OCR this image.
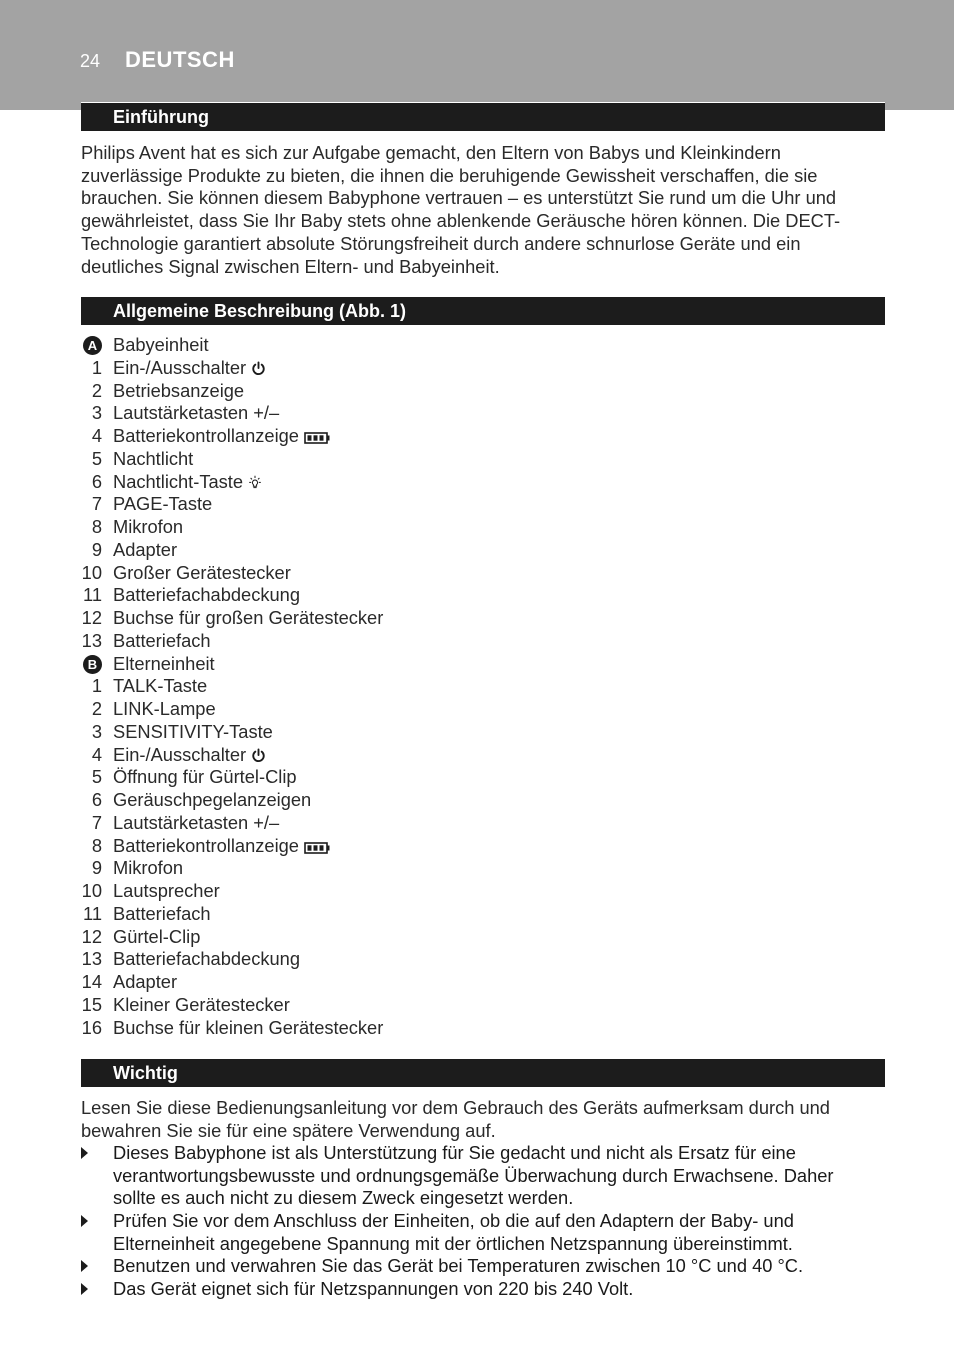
24 DEUTSCH
Einführung
Philips Avent hat es sich zur Aufgabe gemacht, den Eltern von Babys und Kleinkindern zuverlässige Produkte zu bieten, die ihnen die beruhigende Gewissheit verschaffen, die sie brauchen. Sie können diesem Babyphone vertrauen – es unterstützt Sie rund um die Uhr und gewährleistet, dass Sie Ihr Baby stets ohne ablenkende Geräusche hören können. Die DECT-Technologie garantiert absolute Störungsfreiheit durch andere schnurlose Geräte und ein deutliches Signal zwischen Eltern- und Babyeinheit.
Allgemeine Beschreibung (Abb. 1)
A Babyeinheit
1 Ein-/Ausschalter
2 Betriebsanzeige
3 Lautstärketasten +/–
4 Batteriekontrollanzeige
5 Nachtlicht
6 Nachtlicht-Taste
7 PAGE-Taste
8 Mikrofon
9 Adapter
10 Großer Gerätestecker
11 Batteriefachabdeckung
12 Buchse für großen Gerätestecker
13 Batteriefach
B Elterneinheit
1 TALK-Taste
2 LINK-Lampe
3 SENSITIVITY-Taste
4 Ein-/Ausschalter
5 Öffnung für Gürtel-Clip
6 Geräuschpegelanzeigen
7 Lautstärketasten +/–
8 Batteriekontrollanzeige
9 Mikrofon
10 Lautsprecher
11 Batteriefach
12 Gürtel-Clip
13 Batteriefachabdeckung
14 Adapter
15 Kleiner Gerätestecker
16 Buchse für kleinen Gerätestecker
Wichtig
Lesen Sie diese Bedienungsanleitung vor dem Gebrauch des Geräts aufmerksam durch und bewahren Sie sie für eine spätere Verwendung auf.
Dieses Babyphone ist als Unterstützung für Sie gedacht und nicht als Ersatz für eine verantwortungsbewusste und ordnungsgemäße Überwachung durch Erwachsene. Daher sollte es auch nicht zu diesem Zweck eingesetzt werden.
Prüfen Sie vor dem Anschluss der Einheiten, ob die auf den Adaptern der Baby- und Elterneinheit angegebene Spannung mit der örtlichen Netzspannung übereinstimmt.
Benutzen und verwahren Sie das Gerät bei Temperaturen zwischen 10 °C und 40 °C.
Das Gerät eignet sich für Netzspannungen von 220 bis 240 Volt.
